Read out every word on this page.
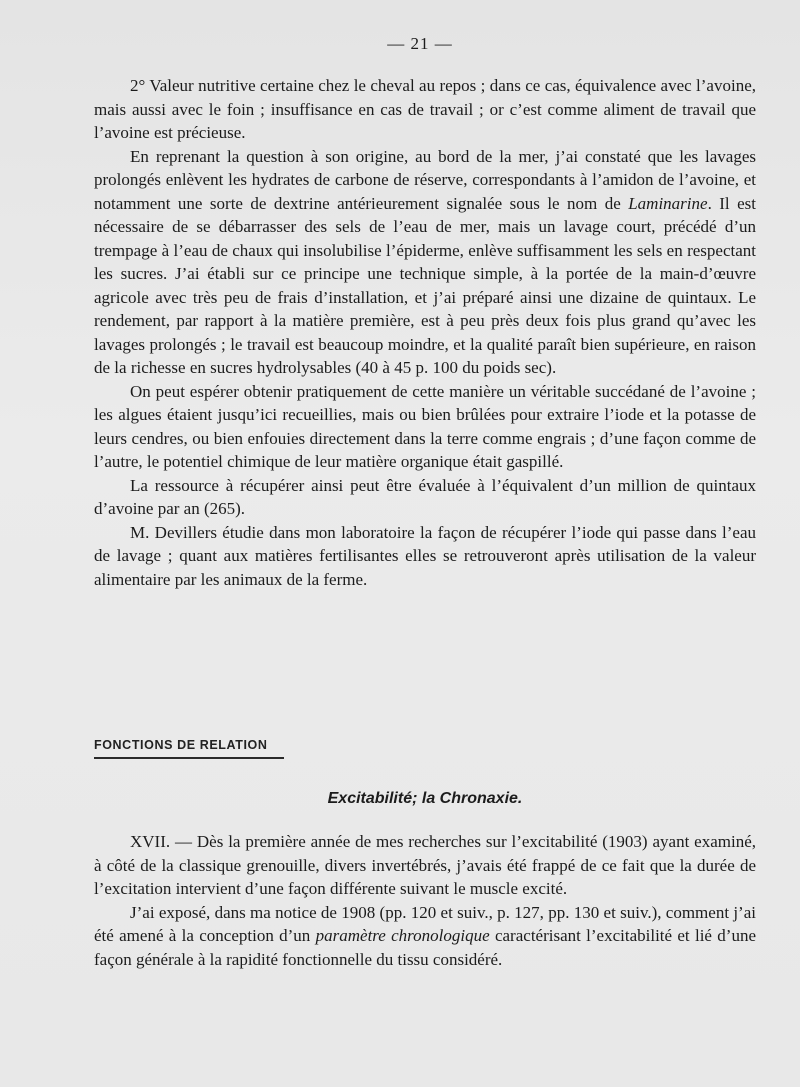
— 21 —

2° Valeur nutritive certaine chez le cheval au repos ; dans ce cas, équivalence avec l’avoine, mais aussi avec le foin ; insuffisance en cas de travail ; or c’est comme aliment de travail que l’avoine est précieuse.

En reprenant la question à son origine, au bord de la mer, j’ai constaté que les lavages prolongés enlèvent les hydrates de carbone de réserve, correspondants à l’amidon de l’avoine, et notamment une sorte de dextrine antérieurement signalée sous le nom de Laminarine. Il est nécessaire de se débarrasser des sels de l’eau de mer, mais un lavage court, précédé d’un trempage à l’eau de chaux qui insolubilise l’épiderme, enlève suffisamment les sels en respectant les sucres. J’ai établi sur ce principe une technique simple, à la portée de la main-d’œuvre agricole avec très peu de frais d’installation, et j’ai préparé ainsi une dizaine de quintaux. Le rendement, par rapport à la matière première, est à peu près deux fois plus grand qu’avec les lavages prolongés ; le travail est beaucoup moindre, et la qualité paraît bien supérieure, en raison de la richesse en sucres hydrolysables (40 à 45 p. 100 du poids sec).

On peut espérer obtenir pratiquement de cette manière un véritable succédané de l’avoine ; les algues étaient jusqu’ici recueillies, mais ou bien brûlées pour extraire l’iode et la potasse de leurs cendres, ou bien enfouies directement dans la terre comme engrais ; d’une façon comme de l’autre, le potentiel chimique de leur matière organique était gaspillé.

La ressource à récupérer ainsi peut être évaluée à l’équivalent d’un million de quintaux d’avoine par an (265).

M. Devillers étudie dans mon laboratoire la façon de récupérer l’iode qui passe dans l’eau de lavage ; quant aux matières fertilisantes elles se retrouveront après utilisation de la valeur alimentaire par les animaux de la ferme.

FONCTIONS DE RELATION
Excitabilité; la Chronaxie.

XVII. — Dès la première année de mes recherches sur l’excitabilité (1903) ayant examiné, à côté de la classique grenouille, divers invertébrés, j’avais été frappé de ce fait que la durée de l’excitation intervient d’une façon différente suivant le muscle excité.

J’ai exposé, dans ma notice de 1908 (pp. 120 et suiv., p. 127, pp. 130 et suiv.), comment j’ai été amené à la conception d’un paramètre chronologique caractérisant l’excitabilité et lié d’une façon générale à la rapidité fonctionnelle du tissu considéré.
